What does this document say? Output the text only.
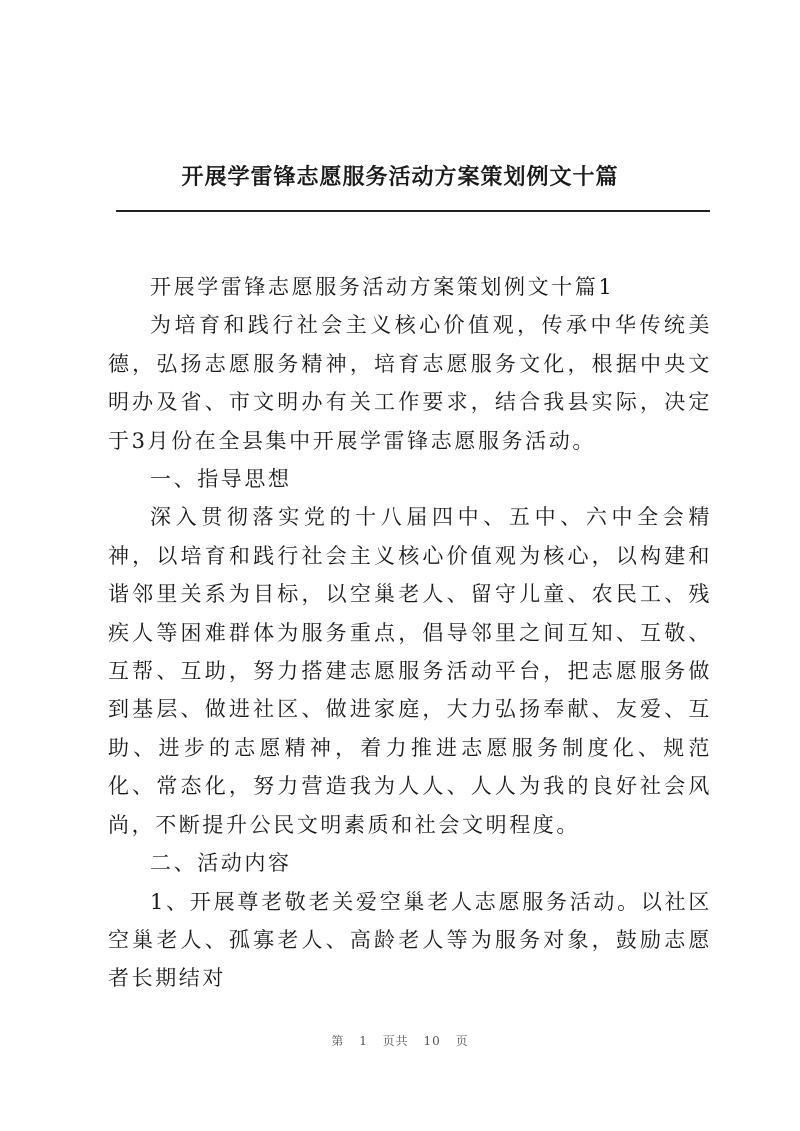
开展学雷锋志愿服务活动方案策划例文十篇

开展学雷锋志愿服务活动方案策划例文十篇1

为培育和践行社会主义核心价值观，传承中华传统美德，弘扬志愿服务精神，培育志愿服务文化，根据中央文明办及省、市文明办有关工作要求，结合我县实际，决定于3月份在全县集中开展学雷锋志愿服务活动。

一、指导思想

深入贯彻落实党的十八届四中、五中、六中全会精神，以培育和践行社会主义核心价值观为核心，以构建和谐邻里关系为目标，以空巢老人、留守儿童、农民工、残疾人等困难群体为服务重点，倡导邻里之间互知、互敬、互帮、互助，努力搭建志愿服务活动平台，把志愿服务做到基层、做进社区、做进家庭，大力弘扬奉献、友爱、互助、进步的志愿精神，着力推进志愿服务制度化、规范化、常态化，努力营造我为人人、人人为我的良好社会风尚，不断提升公民文明素质和社会文明程度。

二、活动内容

1、开展尊老敬老关爱空巢老人志愿服务活动。以社区空巢老人、孤寡老人、高龄老人等为服务对象，鼓励志愿者长期结对

第 1 页共 10 页
